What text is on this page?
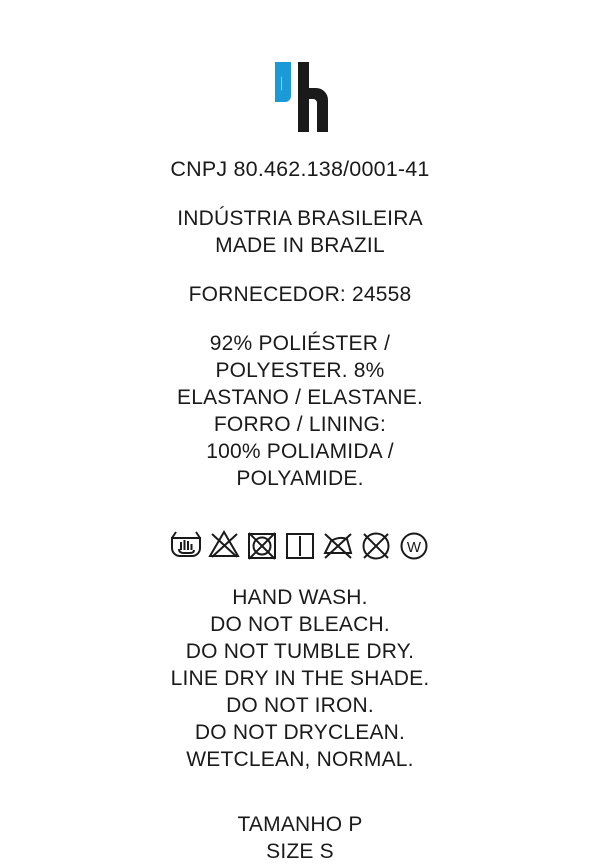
CNPJ 80.462.138/0001-41
INDÚSTRIA BRASILEIRA
MADE IN BRAZIL
FORNECEDOR: 24558
92% POLIÉSTER /
POLYESTER. 8%
ELASTANO / ELASTANE.
FORRO / LINING:
100% POLIAMIDA /
POLYAMIDE.
W
HAND WASH.
DO NOT BLEACH.
DO NOT TUMBLE DRY.
LINE DRY IN THE SHADE.
DO NOT IRON.
DO NOT DRYCLEAN.
WETCLEAN, NORMAL.
TAMANHO P
SIZE S
